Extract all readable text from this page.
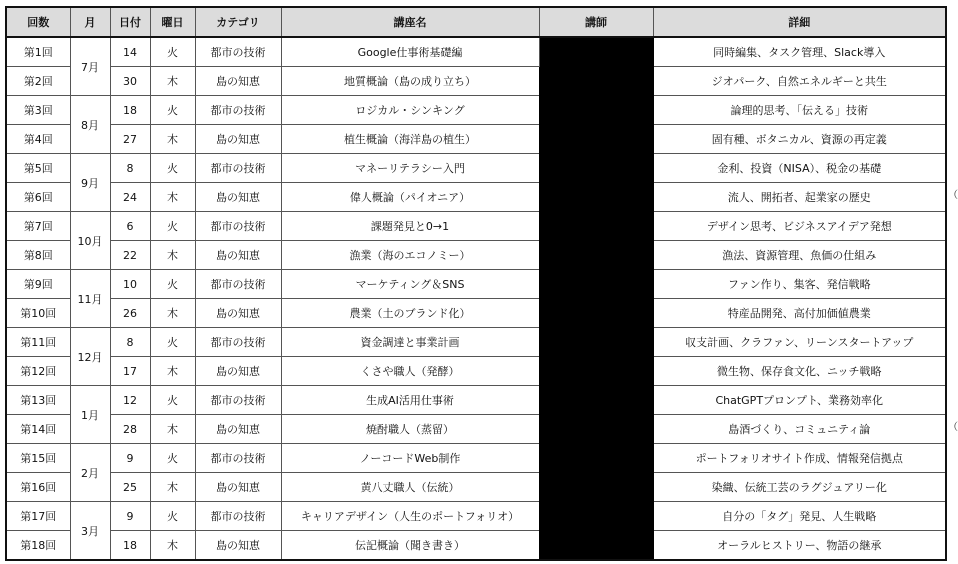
回数	月	日付	曜日	カテゴリ	講座名	講師	詳細
第1回	7月	14	火	都市の技術	Google仕事術基礎編		同時編集、タスク管理、Slack導入
第2回		30	木	島の知恵	地質概論（島の成り立ち）		ジオパーク、自然エネルギーと共生
第3回	8月	18	火	都市の技術	ロジカル・シンキング		論理的思考、「伝える」技術
第4回		27	木	島の知恵	植生概論（海洋島の植生）		固有種、ボタニカル、資源の再定義
第5回	9月	8	火	都市の技術	マネーリテラシー入門		金利、投資（NISA）、税金の基礎
第6回		24	木	島の知恵	偉人概論（パイオニア）		流人、開拓者、起業家の歴史
第7回	10月	6	火	都市の技術	課題発見と0→1		デザイン思考、ビジネスアイデア発想
第8回		22	木	島の知恵	漁業（海のエコノミー）		漁法、資源管理、魚価の仕組み
第9回	11月	10	火	都市の技術	マーケティング＆SNS		ファン作り、集客、発信戦略
第10回		26	木	島の知恵	農業（土のブランド化）		特産品開発、高付加価値農業
第11回	12月	8	火	都市の技術	資金調達と事業計画		収支計画、クラファン、リーンスタートアップ
第12回		17	木	島の知恵	くさや職人（発酵）		微生物、保存食文化、ニッチ戦略
第13回	1月	12	火	都市の技術	生成AI活用仕事術		ChatGPTプロンプト、業務効率化
第14回		28	木	島の知恵	焼酎職人（蒸留）		島酒づくり、コミュニティ論
第15回	2月	9	火	都市の技術	ノーコードWeb制作		ポートフォリオサイト作成、情報発信拠点
第16回		25	木	島の知恵	黄八丈職人（伝統）		染織、伝統工芸のラグジュアリー化
第17回	3月	9	火	都市の技術	キャリアデザイン（人生のポートフォリオ）		自分の「タグ」発見、人生戦略
第18回		18	木	島の知恵	伝記概論（聞き書き）		オーラルヒストリー、物語の継承
（
（
